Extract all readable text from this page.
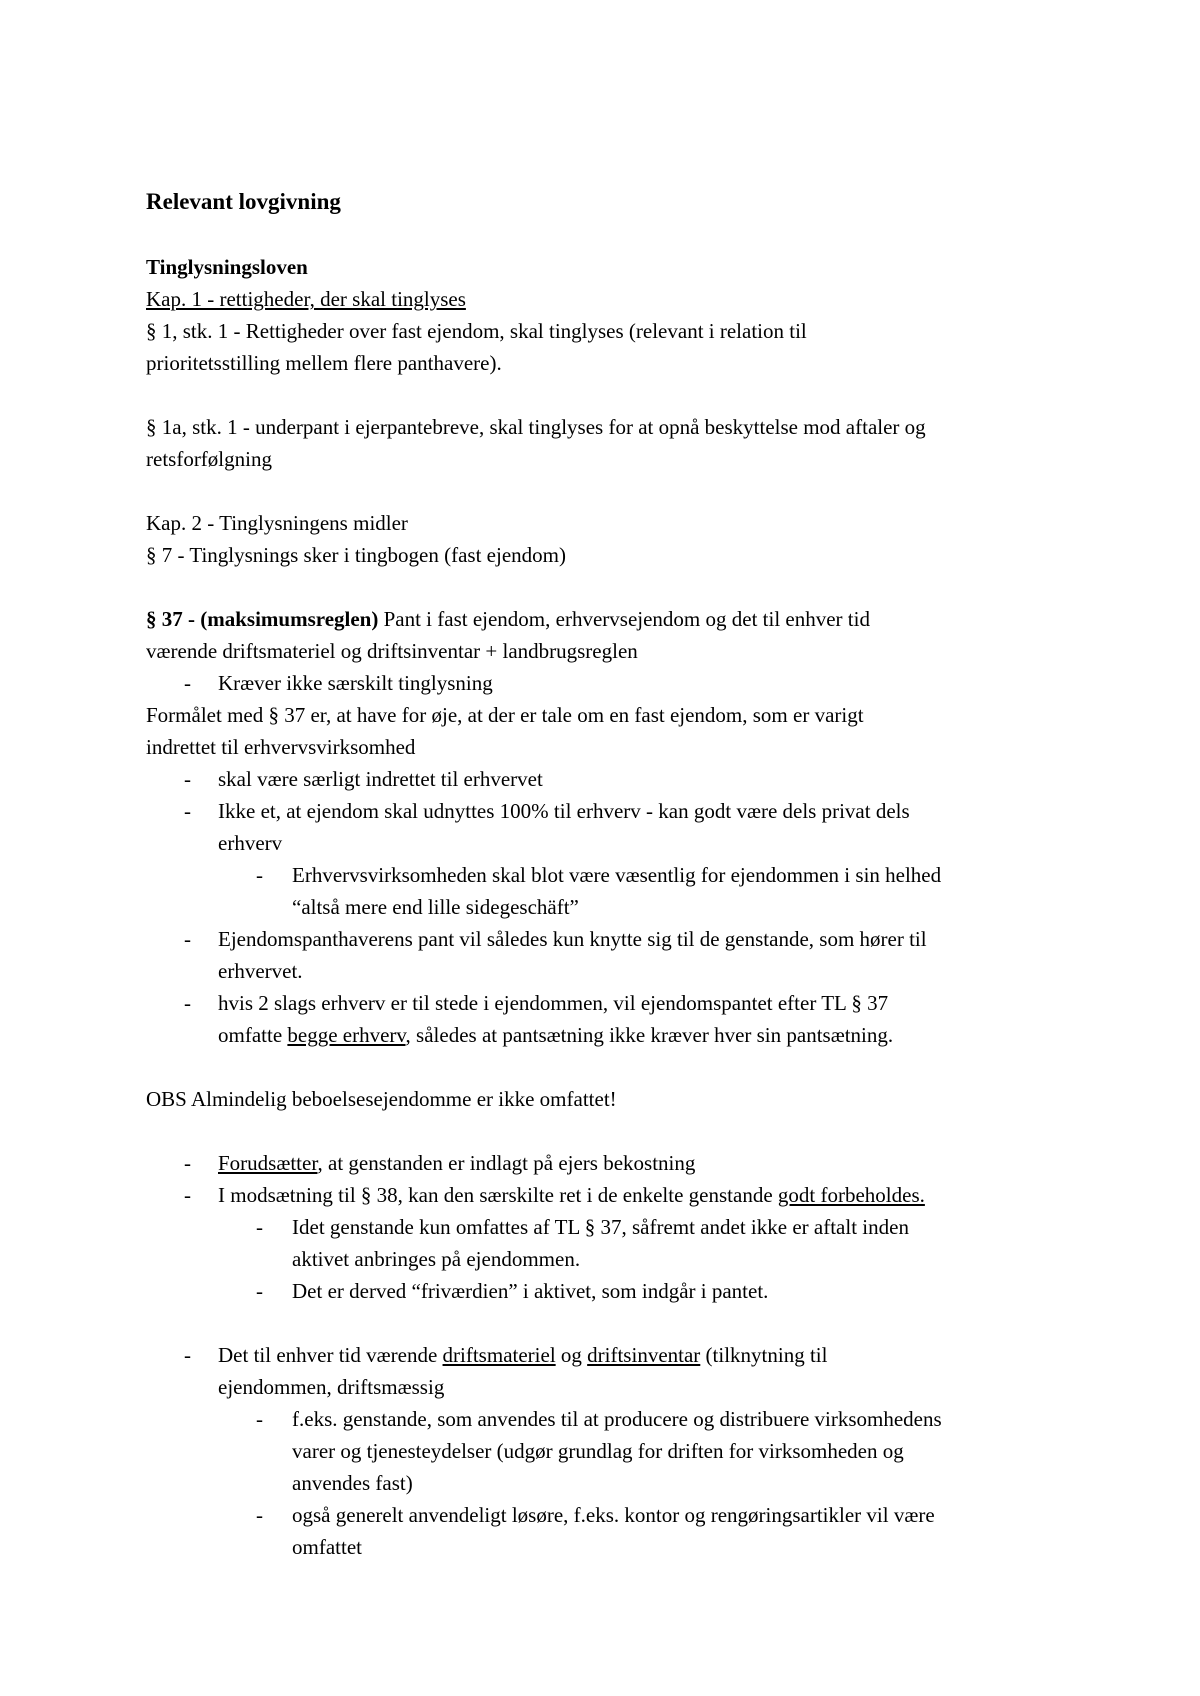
Relevant lovgivning

Tinglysningsloven

Kap. 1 - rettigheder, der skal tinglyses

§ 1, stk. 1 - Rettigheder over fast ejendom, skal tinglyses (relevant i relation til

prioritetsstilling mellem flere panthavere).

§ 1a, stk. 1 - underpant i ejerpantebreve, skal tinglyses for at opnå beskyttelse mod aftaler og

retsforfølgning

Kap. 2 - Tinglysningens midler

§ 7 - Tinglysnings sker i tingbogen (fast ejendom)

§ 37 - (maksimumsreglen) Pant i fast ejendom, erhvervsejendom og det til enhver tid

værende driftsmateriel og driftsinventar + landbrugsreglen

- Kræver ikke særskilt tinglysning

Formålet med § 37 er, at have for øje, at der er tale om en fast ejendom, som er varigt

indrettet til erhvervsvirksomhed

- skal være særligt indrettet til erhvervet

- Ikke et, at ejendom skal udnyttes 100% til erhverv - kan godt være dels privat dels

erhverv

- Erhvervsvirksomheden skal blot være væsentlig for ejendommen i sin helhed

“altså mere end lille sidegeschäft”

- Ejendomspanthaverens pant vil således kun knytte sig til de genstande, som hører til

erhvervet.

- hvis 2 slags erhverv er til stede i ejendommen, vil ejendomspantet efter TL § 37

omfatte begge erhverv, således at pantsætning ikke kræver hver sin pantsætning.

OBS Almindelig beboelsesejendomme er ikke omfattet!

- Forudsætter, at genstanden er indlagt på ejers bekostning

- I modsætning til § 38, kan den særskilte ret i de enkelte genstande godt forbeholdes.

- Idet genstande kun omfattes af TL § 37, såfremt andet ikke er aftalt inden

aktivet anbringes på ejendommen.

- Det er derved “friværdien” i aktivet, som indgår i pantet.

- Det til enhver tid værende driftsmateriel og driftsinventar (tilknytning til

ejendommen, driftsmæssig

- f.eks. genstande, som anvendes til at producere og distribuere virksomhedens

varer og tjenesteydelser (udgør grundlag for driften for virksomheden og

anvendes fast)

- også generelt anvendeligt løsøre, f.eks. kontor og rengøringsartikler vil være

omfattet
